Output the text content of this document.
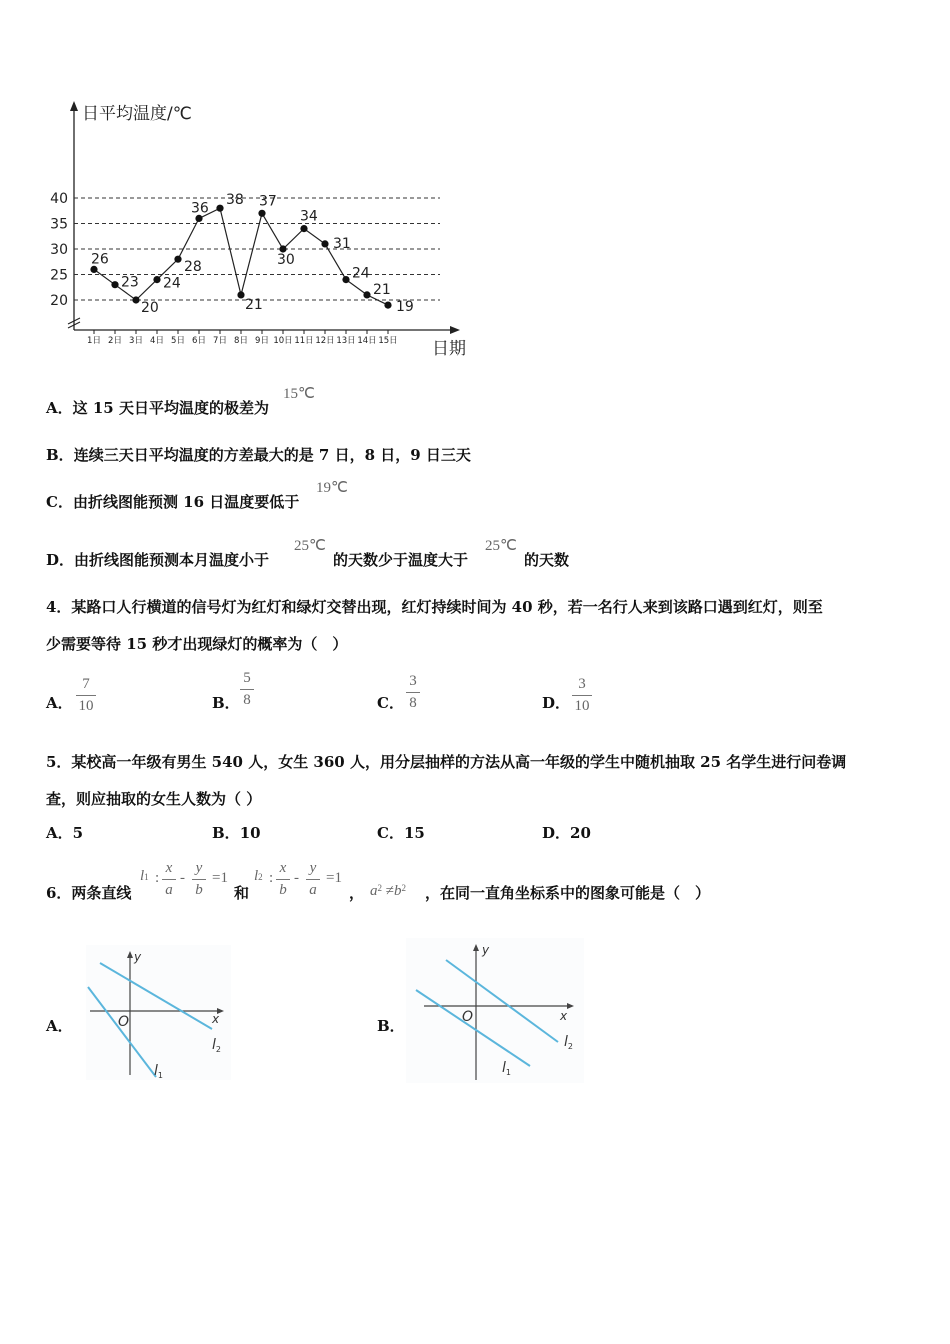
20
25
30
35
40
1日 2日 3日 4日 5日 6日 7日 8日 9日 10日 11日 12日 13日 14日 15日
日平均温度/℃
日期
26
23
20
24
28
36
38
21
37
30
34
31
24
21
19
A．这 15 天日平均温度的极差为
15℃
B．连续三天日平均温度的方差最大的是 7 日，8 日，9 日三天
C．由折线图能预测 16 日温度要低于
19℃
D．由折线图能预测本月温度小于
25℃
的天数少于温度大于
25℃
的天数
4．某路口人行横道的信号灯为红灯和绿灯交替出现，红灯持续时间为 40 秒，若一名行人来到该路口遇到红灯，则至
少需要等待 15 秒才出现绿灯的概率为（　）
A．
7
10	B．
5
8	C．
3
8	D．
3
10
5．某校高一年级有男生 540 人，女生 360 人，用分层抽样的方法从高一年级的学生中随机抽取 25 名学生进行问卷调
查，则应抽取的女生人数为（ ）
A．5	B．10	C．15	D．20
6．两条直线
l1 :
x
a
-
y
b
=1
和
l2 :
x
b
-
y
a
=1
， $a^2 \ne b^2$ ，在同一直角坐标系中的图象可能是（　）
A．
y
x
O
$l_2$
$l_1$
B．
y
x
O
$l_2$
$l_1$
